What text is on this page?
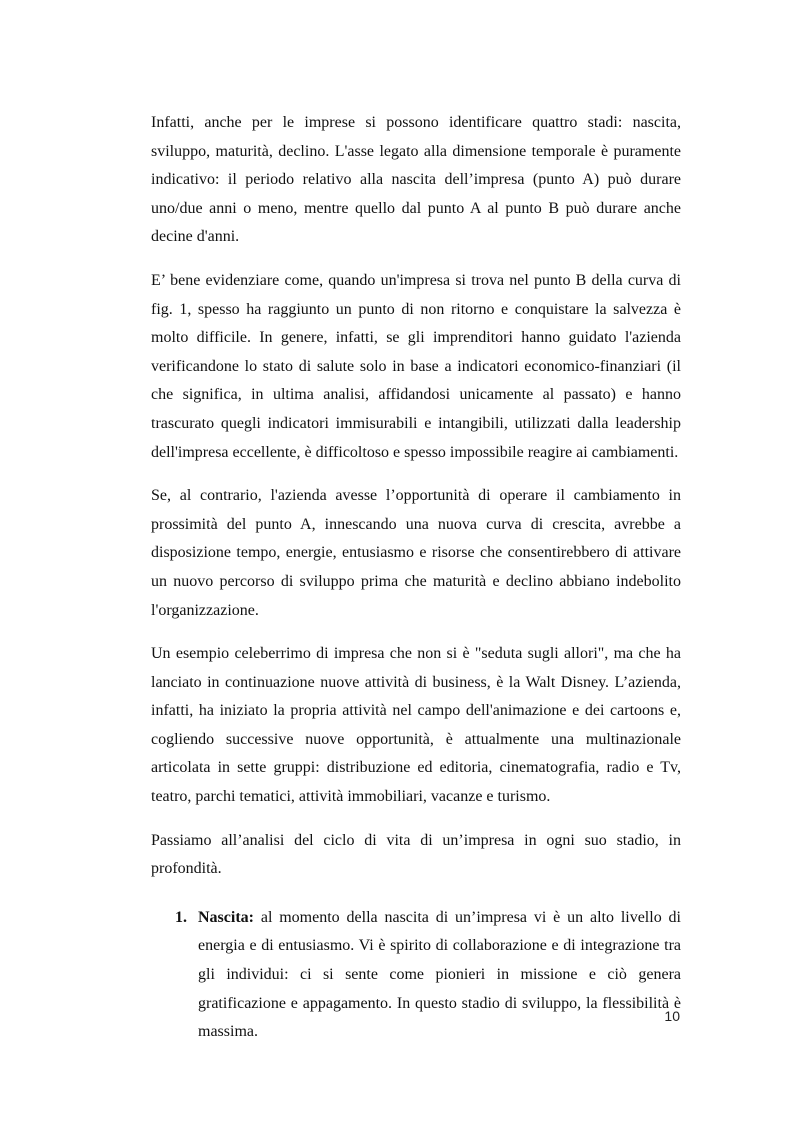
Infatti, anche per le imprese si possono identificare quattro stadi: nascita, sviluppo, maturità, declino. L'asse legato alla dimensione temporale è puramente indicativo: il periodo relativo alla nascita dell’impresa (punto A) può durare uno/due anni o meno, mentre quello dal punto A al punto B può durare anche decine d'anni.

E’ bene evidenziare come, quando un'impresa si trova nel punto B della curva di fig. 1, spesso ha raggiunto un punto di non ritorno e conquistare la salvezza è molto difficile. In genere, infatti, se gli imprenditori hanno guidato l'azienda verificandone lo stato di salute solo in base a indicatori economico-finanziari (il che significa, in ultima analisi, affidandosi unicamente al passato) e hanno trascurato quegli indicatori immisurabili e intangibili, utilizzati dalla leadership dell'impresa eccellente, è difficoltoso e spesso impossibile reagire ai cambiamenti.

Se, al contrario, l'azienda avesse l’opportunità di operare il cambiamento in prossimità del punto A, innescando una nuova curva di crescita, avrebbe a disposizione tempo, energie, entusiasmo e risorse che consentirebbero di attivare un nuovo percorso di sviluppo prima che maturità e declino abbiano indebolito l'organizzazione.

Un esempio celeberrimo di impresa che non si è "seduta sugli allori", ma che ha lanciato in continuazione nuove attività di business, è la Walt Disney. L’azienda, infatti, ha iniziato la propria attività nel campo dell'animazione e dei cartoons e, cogliendo successive nuove opportunità, è attualmente una multinazionale articolata in sette gruppi: distribuzione ed editoria, cinematografia, radio e Tv, teatro, parchi tematici, attività immobiliari, vacanze e turismo.

Passiamo all’analisi del ciclo di vita di un’impresa in ogni suo stadio, in profondità.

1. Nascita: al momento della nascita di un’impresa vi è un alto livello di energia e di entusiasmo. Vi è spirito di collaborazione e di integrazione tra gli individui: ci si sente come pionieri in missione e ciò genera gratificazione e appagamento. In questo stadio di sviluppo, la flessibilità è massima.
10
